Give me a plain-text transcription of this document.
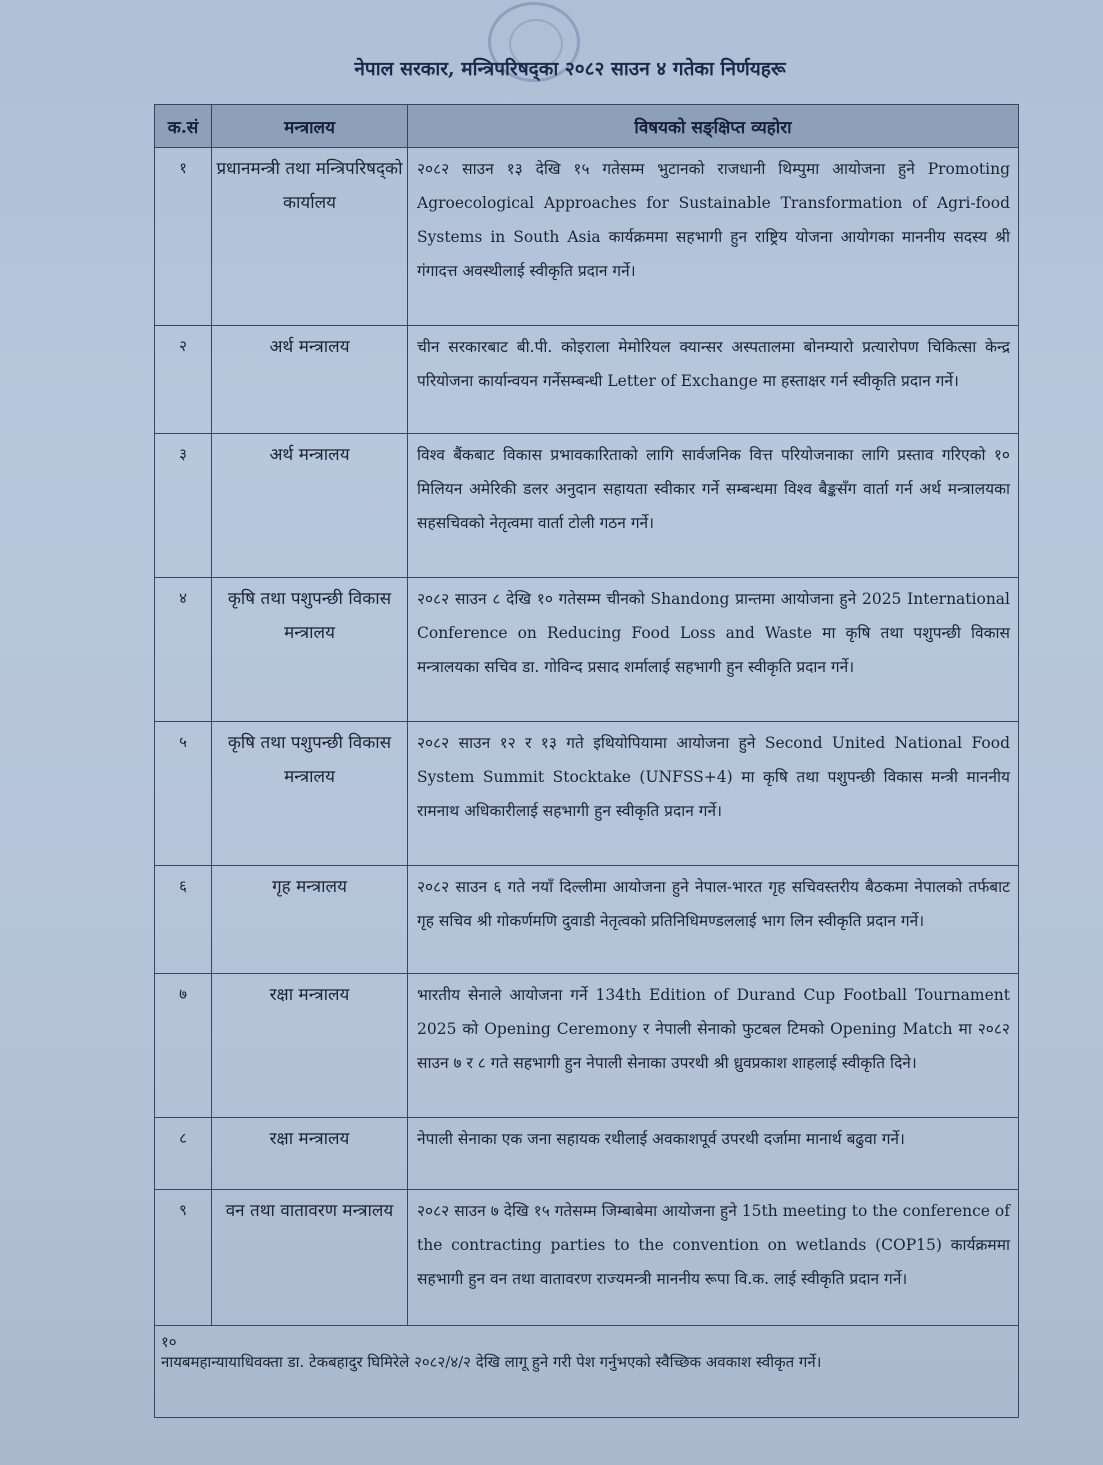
नेपाल सरकार, मन्त्रिपरिषद्का २०८२ साउन ४ गतेका निर्णयहरू
क.सं	मन्त्रालय	विषयको सङ्क्षिप्त व्यहोरा
१	प्रधानमन्त्री तथा मन्त्रिपरिषद्को कार्यालय	२०८२ साउन १३ देखि १५ गतेसम्म भुटानको राजधानी थिम्पुमा आयोजना हुने Promoting Agroecological Approaches for Sustainable Transformation of Agri-food Systems in South Asia कार्यक्रममा सहभागी हुन राष्ट्रिय योजना आयोगका माननीय सदस्य श्री गंगादत्त अवस्थीलाई स्वीकृति प्रदान गर्ने।
२	अर्थ मन्त्रालय	चीन सरकारबाट बी.पी. कोइराला मेमोरियल क्यान्सर अस्पतालमा बोनम्यारो प्रत्यारोपण चिकित्सा केन्द्र परियोजना कार्यान्वयन गर्नेसम्बन्धी Letter of Exchange मा हस्ताक्षर गर्न स्वीकृति प्रदान गर्ने।
३	अर्थ मन्त्रालय	विश्व बैंकबाट विकास प्रभावकारिताको लागि सार्वजनिक वित्त परियोजनाका लागि प्रस्ताव गरिएको १० मिलियन अमेरिकी डलर अनुदान सहायता स्वीकार गर्ने सम्बन्धमा विश्व बैङ्कसँग वार्ता गर्न अर्थ मन्त्रालयका सहसचिवको नेतृत्वमा वार्ता टोली गठन गर्ने।
४	कृषि तथा पशुपन्छी विकास मन्त्रालय	२०८२ साउन ८ देखि १० गतेसम्म चीनको Shandong प्रान्तमा आयोजना हुने 2025 International Conference on Reducing Food Loss and Waste मा कृषि तथा पशुपन्छी विकास मन्त्रालयका सचिव डा. गोविन्द प्रसाद शर्मालाई सहभागी हुन स्वीकृति प्रदान गर्ने।
५	कृषि तथा पशुपन्छी विकास मन्त्रालय	२०८२ साउन १२ र १३ गते इथियोपियामा आयोजना हुने Second United National Food System Summit Stocktake (UNFSS+4) मा कृषि तथा पशुपन्छी विकास मन्त्री माननीय रामनाथ अधिकारीलाई सहभागी हुन स्वीकृति प्रदान गर्ने।
६	गृह मन्त्रालय	२०८२ साउन ६ गते नयाँ दिल्लीमा आयोजना हुने नेपाल-भारत गृह सचिवस्तरीय बैठकमा नेपालको तर्फबाट गृह सचिव श्री गोकर्णमणि दुवाडी नेतृत्वको प्रतिनिधिमण्डललाई भाग लिन स्वीकृति प्रदान गर्ने।
७	रक्षा मन्त्रालय	भारतीय सेनाले आयोजना गर्ने 134th Edition of Durand Cup Football Tournament 2025 को Opening Ceremony र नेपाली सेनाको फुटबल टिमको Opening Match मा २०८२ साउन ७ र ८ गते सहभागी हुन नेपाली सेनाका उपरथी श्री ध्रुवप्रकाश शाहलाई स्वीकृति दिने।
८	रक्षा मन्त्रालय	नेपाली सेनाका एक जना सहायक रथीलाई अवकाशपूर्व उपरथी दर्जामा मानार्थ बढुवा गर्ने।
९	वन तथा वातावरण मन्त्रालय	२०८२ साउन ७ देखि १५ गतेसम्म जिम्बाबेमा आयोजना हुने 15th meeting to the conference of the contracting parties to the convention on wetlands (COP15) कार्यक्रममा सहभागी हुन वन तथा वातावरण राज्यमन्त्री माननीय रूपा वि.क. लाई स्वीकृति प्रदान गर्ने।

१०
नायबमहान्यायाधिवक्ता डा. टेकबहादुर घिमिरेले २०८२/४/२ देखि लागू हुने गरी पेश गर्नुभएको स्वैच्छिक अवकाश स्वीकृत गर्ने।		
